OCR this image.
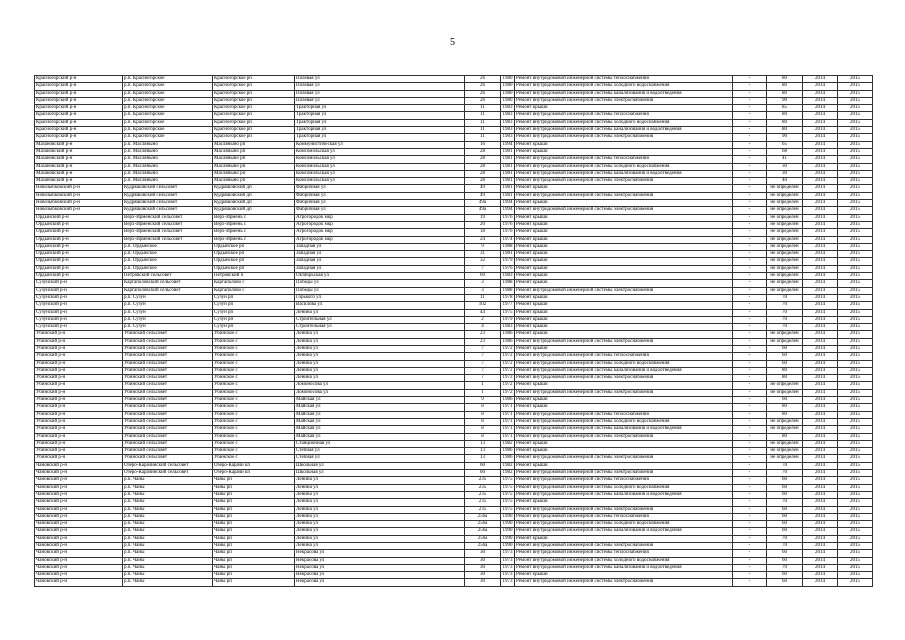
5
Красногорский р-н	р.п. Красногорское	Красногорское рп	Полевая ул	26	1980	Ремонт внутридомовой инженерной системы теплоснабжения	-	80	2014	2015
Красногорский р-н	р.п. Красногорское	Красногорское рп	Полевая ул	26	1980	Ремонт внутридомовой инженерной системы холодного водоснабжения	-	80	2014	2015
Красногорский р-н	р.п. Красногорское	Красногорское рп	Полевая ул	26	1980	Ремонт внутридомовой инженерной системы канализования и водоотведения	-	80	2014	2015
Красногорский р-н	р.п. Красногорское	Красногорское рп	Полевая ул	26	1980	Ремонт внутридомовой инженерной системы электроснабжения	-	90	2014	2015
Красногорский р-н	р.п. Красногорское	Красногорское рп	Тракторная ул	11	1983	Ремонт крыши	-	85	2014	2015
Красногорский р-н	р.п. Красногорское	Красногорское рп	Тракторная ул	11	1983	Ремонт внутридомовой инженерной системы теплоснабжения	-	80	2014	2015
Красногорский р-н	р.п. Красногорское	Красногорское рп	Тракторная ул	11	1983	Ремонт внутридомовой инженерной системы холодного водоснабжения	-	80	2014	2015
Красногорский р-н	р.п. Красногорское	Красногорское рп	Тракторная ул	11	1983	Ремонт внутридомовой инженерной системы канализования и водоотведения	-	80	2014	2015
Красногорский р-н	р.п. Красногорское	Красногорское рп	Тракторная ул	11	1983	Ремонт внутридомовой инженерной системы электроснабжения	-	90	2014	2015
Мазановский р-н	р.п. Масляныно	Масляныно рп	Коммунистическая ул	16	1994	Ремонт крыши	-	65	2014	2015
Мазановский р-н	р.п. Масляныно	Масляныно рп	Комсомольская ул	28	1981	Ремонт крыши	-	68	2014	2015
Мазановский р-н	р.п. Масляныно	Масляныно рп	Комсомольская ул	28	1981	Ремонт внутридомовой инженерной системы теплоснабжения	-	41	2014	2015
Мазановский р-н	р.п. Масляныно	Масляныно рп	Комсомольская ул	28	1981	Ремонт внутридомовой инженерной системы холодного водоснабжения	-	30	2014	2015
Мазановский р-н	р.п. Масляныно	Масляныно рп	Комсомольская ул	28	1981	Ремонт внутридомовой инженерной системы канализования и водоотведения	-	30	2014	2015
Мазановский р-н	р.п. Масляныно	Масляныно рп	Комсомольская ул	28	1981	Ремонт внутридомовой инженерной системы электроснабжения	-	40	2014	2015
Новозыбковский р-н	Кудряшовский сельсовет	Кудряшовский дп	Фабричная ул	49	1981	Ремонт крыши	-	не определен	2014	2015
Новозыбковский р-н	Кудряшовский сельсовет	Кудряшовский дп	Фабричная ул	49	1981	Ремонт внутридомовой инженерной системы электроснабжения	-	не определен	2014	2015
Новозыбковский р-н	Кудряшовский сельсовет	Кудряшовский дп	Фабричная ул	49а	1994	Ремонт крыши	-	не определен	2014	2015
Новозыбковский р-н	Кудряшовский сельсовет	Кудряшовский дп	Фабричная ул	49а	1994	Ремонт внутридомовой инженерной системы электроснабжения	-	не определен	2014	2015
Ордынский р-н	Верх-Ирменский сельсовет	Верх-Ирмень с	Агрогородок мкр	19	1976	Ремонт крыши	-	не определен	2014	2015
Ордынский р-н	Верх-Ирменский сельсовет	Верх-Ирмень с	Агрогородок мкр	20	1976	Ремонт крыши	-	не определен	2014	2015
Ордынский р-н	Верх-Ирменский сельсовет	Верх-Ирмень с	Агрогородок мкр	18	1976	Ремонт крыши	-	не определен	2014	2015
Ордынский р-н	Верх-Ирменский сельсовет	Верх-Ирмень с	Агрогородок мкр	24	1974	Ремонт крыши	-	не определен	2014	2015
Ордынский р-н	р.п. Ордынское	Ордынское рп	Западная ул	9	1988	Ремонт крыши	-	не определен	2014	2015
Ордынский р-н	р.п. Ордынское	Ордынское рп	Западная ул	31	1981	Ремонт крыши	-	не определен	2014	2015
Ордынский р-н	р.п. Ордынское	Ордынское рп	Западная ул	32	1979	Ремонт крыши	-	не определен	2014	2015
Ордынский р-н	р.п. Ордынское	Ордынское рп	Западная ул	7	1976	Ремонт крыши	-	не определен	2014	2015
Ордынский р-н	Петровский сельсовет	Петровский п	Октябрьская ул	69	1983	Ремонт крыши	-	не определен	2014	2015
Сузунский р-н	Каргаполовский сельсовет	Каргаполово с	Победы ул	3	1988	Ремонт крыши	-	не определен	2014	2015
Сузунский р-н	Каргаполовский сельсовет	Каргаполово с	Победы ул	3	1988	Ремонт внутридомовой инженерной системы электроснабжения	-	не определен	2014	2015
Сузунский р-н	р.п. Сузун	Сузун рп	Горького ул	11	1978	Ремонт крыши	-	70	2014	2015
Сузунский р-н	р.п. Сузун	Сузун рп	Василова ул	102	1977	Ремонт крыши	-	70	2014	2015
Сузунский р-н	р.п. Сузун	Сузун рп	Ленина ул	44	1975	Ремонт крыши	-	70	2014	2015
Сузунский р-н	р.п. Сузун	Сузун рп	Строительная ул	2	1979	Ремонт крыши	-	70	2014	2015
Сузунский р-н	р.п. Сузун	Сузун рп	Строительная ул	4	1983	Ремонт крыши	-	70	2014	2015
Убинский р-н	Убинский сельсовет	Убинское с	Ленина ул	23	1986	Ремонт крыши	-	не определен	2014	2015
Убинский р-н	Убинский сельсовет	Убинское с	Ленина ул	23	1986	Ремонт внутридомовой инженерной системы электроснабжения	-	не определен	2014	2015
Убинский р-н	Убинский сельсовет	Убинское с	Ленина ул	7	1972	Ремонт крыши	-	60	2014	2015
Убинский р-н	Убинский сельсовет	Убинское с	Ленина ул	7	1972	Ремонт внутридомовой инженерной системы теплоснабжения	-	60	2014	2015
Убинский р-н	Убинский сельсовет	Убинское с	Ленина ул	7	1972	Ремонт внутридомовой инженерной системы холодного водоснабжения	-	60	2014	2015
Убинский р-н	Убинский сельсовет	Убинское с	Ленина ул	7	1972	Ремонт внутридомовой инженерной системы канализования и водоотведения	-	80	2014	2015
Убинский р-н	Убинский сельсовет	Убинское с	Ленина ул	7	1972	Ремонт внутридомовой инженерной системы электроснабжения	-	80	2014	2015
Убинский р-н	Убинский сельсовет	Убинское с	Ломоносова ул	1	1972	Ремонт крыши	-	не определен	2014	2015
Убинский р-н	Убинский сельсовет	Убинское с	Ломоносова ул	1	1972	Ремонт внутридомовой инженерной системы электроснабжения	-	не определен	2014	2015
Убинский р-н	Убинский сельсовет	Убинское с	Майская ул	9	1986	Ремонт крыши	-	60	2014	2015
Убинский р-н	Убинский сельсовет	Убинское с	Майская ул	8	1971	Ремонт крыши	-	80	2014	2015
Убинский р-н	Убинский сельсовет	Убинское с	Майская ул	8	1971	Ремонт внутридомовой инженерной системы теплоснабжения	-	80	2014	2015
Убинский р-н	Убинский сельсовет	Убинское с	Майская ул	8	1971	Ремонт внутридомовой инженерной системы холодного водоснабжения	-	не определен	2014	2015
Убинский р-н	Убинский сельсовет	Убинское с	Майская ул	8	1971	Ремонт внутридомовой инженерной системы канализования и водоотведения	-	не определен	2014	2015
Убинский р-н	Убинский сельсовет	Убинское с	Майская ул	8	1971	Ремонт внутридомовой инженерной системы электроснабжения	-	80	2014	2015
Убинский р-н	Убинский сельсовет	Убинское с	Станционная ул	13	1982	Ремонт крыши	-	не определен	2014	2015
Убинский р-н	Убинский сельсовет	Убинское с	Степная ул	13	1986	Ремонт крыши	-	не определен	2014	2015
Убинский р-н	Убинский сельсовет	Убинское с	Степная ул	13	1986	Ремонт внутридомовой инженерной системы электроснабжения	-	не определен	2014	2015
Чановский р-н	Озеро-Карачинский сельсовет	Озеро-Карачи кп	Школьная ул	60	1982	Ремонт крыши	-	70	2014	2015
Чановский р-н	Озеро-Карачинский сельсовет	Озеро-Карачи кп	Школьная ул	60	1982	Ремонт внутридомовой инженерной системы электроснабжения	-	70	2014	2015
Чановский р-н	р.п. Чаны	Чаны рп	Ленина ул	235	1975	Ремонт внутридомовой инженерной системы теплоснабжения	-	60	2014	2015
Чановский р-н	р.п. Чаны	Чаны рп	Ленина ул	235	1975	Ремонт внутридомовой инженерной системы холодного водоснабжения	-	60	2014	2015
Чановский р-н	р.п. Чаны	Чаны рп	Ленина ул	235	1975	Ремонт внутридомовой инженерной системы канализования и водоотведения	-	60	2014	2015
Чановский р-н	р.п. Чаны	Чаны рп	Ленина ул	235	1975	Ремонт крыши	-	70	2014	2015
Чановский р-н	р.п. Чаны	Чаны рп	Ленина ул	235	1975	Ремонт внутридомовой инженерной системы электроснабжения	-	60	2014	2015
Чановский р-н	р.п. Чаны	Чаны рп	Ленина ул	256а	1990	Ремонт внутридомовой инженерной системы теплоснабжения	-	60	2014	2015
Чановский р-н	р.п. Чаны	Чаны рп	Ленина ул	256а	1990	Ремонт внутридомовой инженерной системы холодного водоснабжения	-	60	2014	2015
Чановский р-н	р.п. Чаны	Чаны рп	Ленина ул	256а	1990	Ремонт внутридомовой инженерной системы канализования и водоотведения	-	60	2014	2015
Чановский р-н	р.п. Чаны	Чаны рп	Ленина ул	256а	1990	Ремонт крыши	-	70	2014	2015
Чановский р-н	р.п. Чаны	Чаны рп	Ленина ул	256а	1990	Ремонт внутридомовой инженерной системы электроснабжения	-	70	2014	2015
Чановский р-н	р.п. Чаны	Чаны рп	Некрасова ул	30	1973	Ремонт внутридомовой инженерной системы теплоснабжения	-	60	2014	2015
Чановский р-н	р.п. Чаны	Чаны рп	Некрасова ул	30	1973	Ремонт внутридомовой инженерной системы холодного водоснабжения	-	60	2014	2015
Чановский р-н	р.п. Чаны	Чаны рп	Некрасова ул	30	1973	Ремонт внутридомовой инженерной системы канализования и водоотведения	-	70	2014	2015
Чановский р-н	р.п. Чаны	Чаны рп	Некрасова ул	30	1973	Ремонт крыши	-	60	2014	2015
Чановский р-н	р.п. Чаны	Чаны рп	Некрасова ул	30	1973	Ремонт внутридомовой инженерной системы электроснабжения	-	60	2014	2015
